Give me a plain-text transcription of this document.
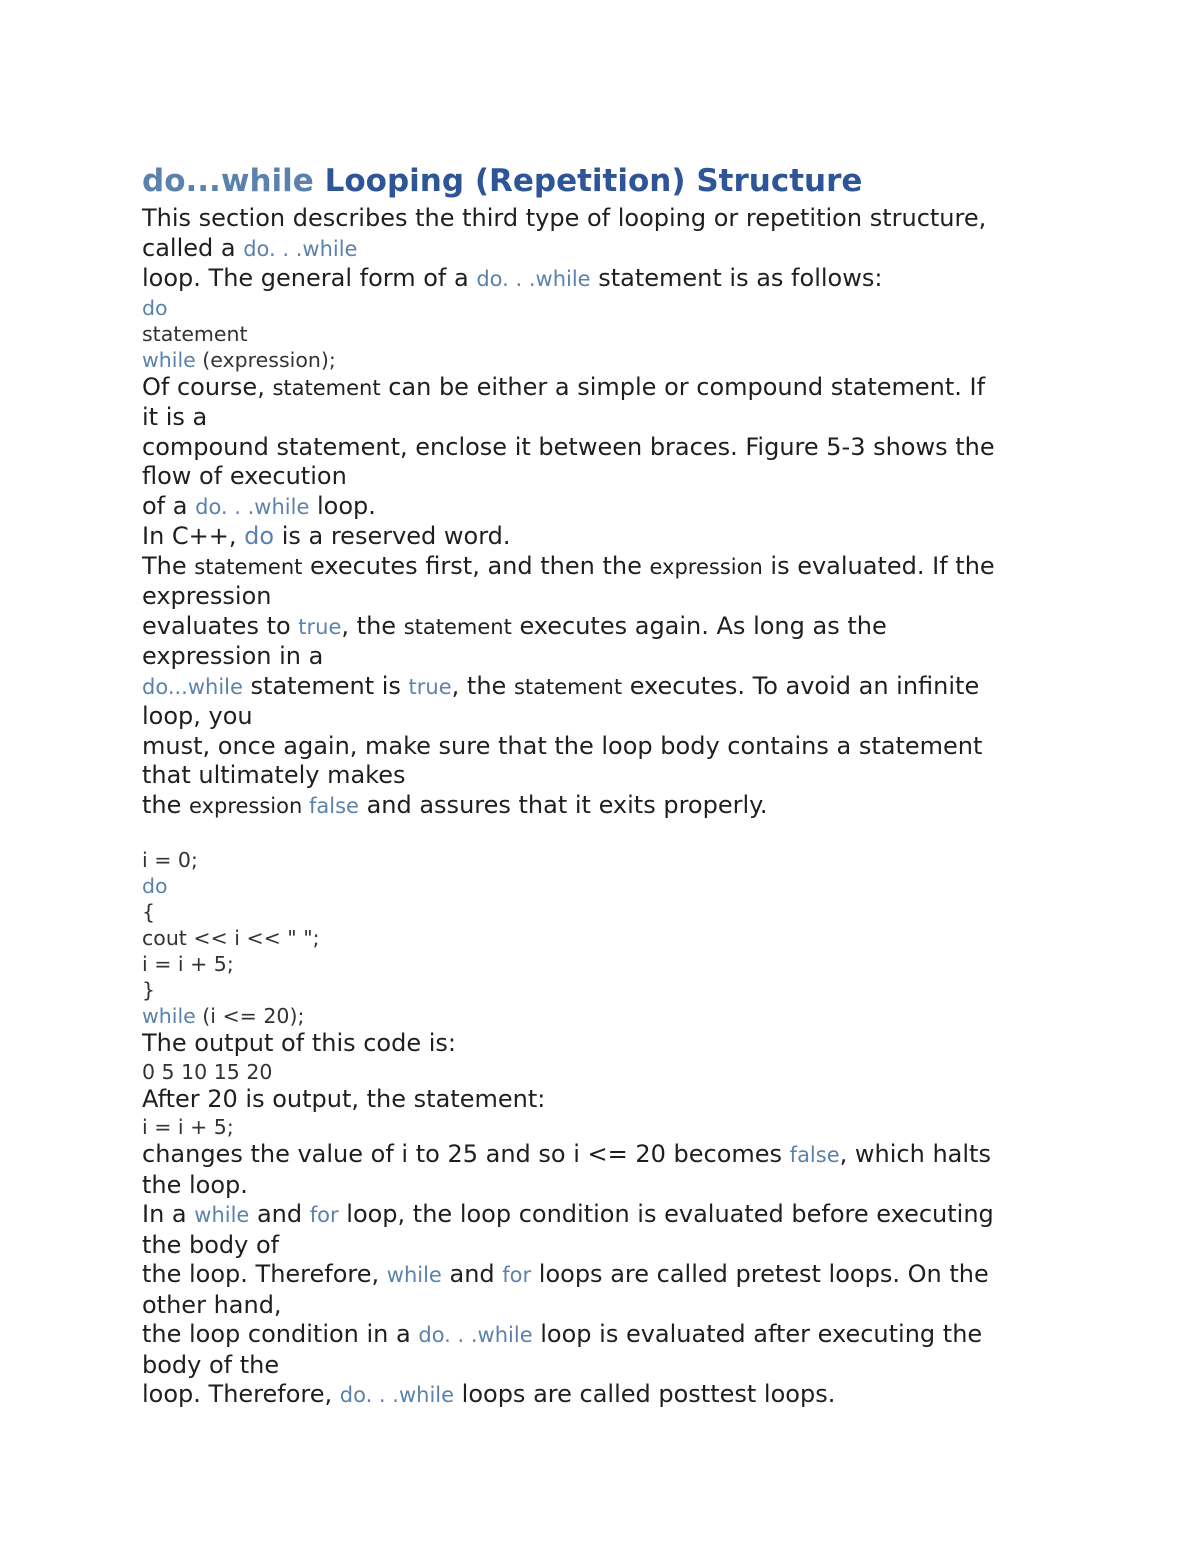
do...while Looping (Repetition) Structure
This section describes the third type of looping or repetition structure,
called a do. . .while
loop. The general form of a do. . .while statement is as follows:
do
statement
while (expression);
Of course, statement can be either a simple or compound statement. If
it is a
compound statement, enclose it between braces. Figure 5-3 shows the
flow of execution
of a do. . .while loop.
In C++, do is a reserved word.
The statement executes first, and then the expression is evaluated. If the
expression
evaluates to true, the statement executes again. As long as the
expression in a
do...while statement is true, the statement executes. To avoid an infinite
loop, you
must, once again, make sure that the loop body contains a statement
that ultimately makes
the expression false and assures that it exits properly.
i = 0;
do
{
cout << i << " ";
i = i + 5;
}
while (i <= 20);
The output of this code is:
0 5 10 15 20
After 20 is output, the statement:
i = i + 5;
changes the value of i to 25 and so i <= 20 becomes false, which halts
the loop.
In a while and for loop, the loop condition is evaluated before executing
the body of
the loop. Therefore, while and for loops are called pretest loops. On the
other hand,
the loop condition in a do. . .while loop is evaluated after executing the
body of the
loop. Therefore, do. . .while loops are called posttest loops.
